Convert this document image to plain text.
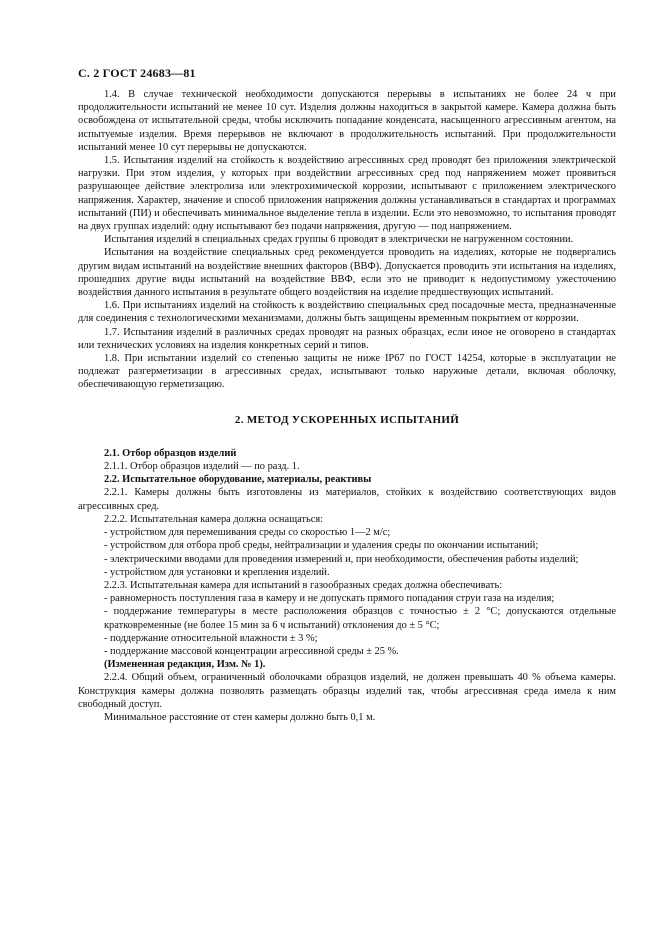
С. 2 ГОСТ 24683—81

1.4. В случае технической необходимости допускаются перерывы в испытаниях не более 24 ч при продолжительности испытаний не менее 10 сут. Изделия должны находиться в закрытой камере. Камера должна быть освобождена от испытательной среды, чтобы исключить попадание конденсата, насыщенного агрессивным агентом, на испытуемые изделия. Время перерывов не включают в продолжительность испытаний. При продолжительности испытаний менее 10 сут перерывы не допускаются.

1.5. Испытания изделий на стойкость к воздействию агрессивных сред проводят без приложения электрической нагрузки. При этом изделия, у которых при воздействии агрессивных сред под напряжением может проявиться разрушающее действие электролиза или электрохимической коррозии, испытывают с приложением электрического напряжения. Характер, значение и способ приложения напряжения должны устанавливаться в стандартах и программах испытаний (ПИ) и обеспечивать минимальное выделение тепла в изделии. Если это невозможно, то испытания проводят на двух группах изделий: одну испытывают без подачи напряжения, другую — под напряжением.

Испытания изделий в специальных средах группы 6 проводят в электрически не нагруженном состоянии.

Испытания на воздействие специальных сред рекомендуется проводить на изделиях, которые не подвергались другим видам испытаний на воздействие внешних факторов (ВВФ). Допускается проводить эти испытания на изделиях, прошедших другие виды испытаний на воздействие ВВФ, если это не приводит к недопустимому ужесточению воздействия данного испытания в результате общего воздействия на изделие предшествующих испытаний.

1.6. При испытаниях изделий на стойкость к воздействию специальных сред посадочные места, предназначенные для соединения с технологическими механизмами, должны быть защищены временным покрытием от коррозии.

1.7. Испытания изделий в различных средах проводят на разных образцах, если иное не оговорено в стандартах или технических условиях на изделия конкретных серий и типов.

1.8. При испытании изделий со степенью защиты не ниже IP67 по ГОСТ 14254, которые в эксплуатации не подлежат разгерметизации в агрессивных средах, испытывают только наружные детали, включая оболочку, обеспечивающую герметизацию.

2. МЕТОД УСКОРЕННЫХ ИСПЫТАНИЙ

2.1. Отбор образцов изделий

2.1.1. Отбор образцов изделий — по разд. 1.

2.2. Испытательное оборудование, материалы, реактивы

2.2.1. Камеры должны быть изготовлены из материалов, стойких к воздействию соответствующих видов агрессивных сред.

2.2.2. Испытательная камера должна оснащаться:

- устройством для перемешивания среды со скоростью 1—2 м/с;

- устройством для отбора проб среды, нейтрализации и удаления среды по окончании испытаний;

- электрическими вводами для проведения измерений и, при необходимости, обеспечения работы изделий;

- устройством для установки и крепления изделий.

2.2.3. Испытательная камера для испытаний в газообразных средах должна обеспечивать:

- равномерность поступления газа в камеру и не допускать прямого попадания струи газа на изделия;

- поддержание температуры в месте расположения образцов с точностью ± 2 °С; допускаются отдельные кратковременные (не более 15 мин за 6 ч испытаний) отклонения до ± 5 °С;

- поддержание относительной влажности ± 3 %;

- поддержание массовой концентрации агрессивной среды ± 25 %.

(Измененная редакция, Изм. № 1).

2.2.4. Общий объем, ограниченный оболочками образцов изделий, не должен превышать 40 % объема камеры. Конструкция камеры должна позволять размещать образцы изделий так, чтобы агрессивная среда имела к ним свободный доступ.

Минимальное расстояние от стен камеры должно быть 0,1 м.
